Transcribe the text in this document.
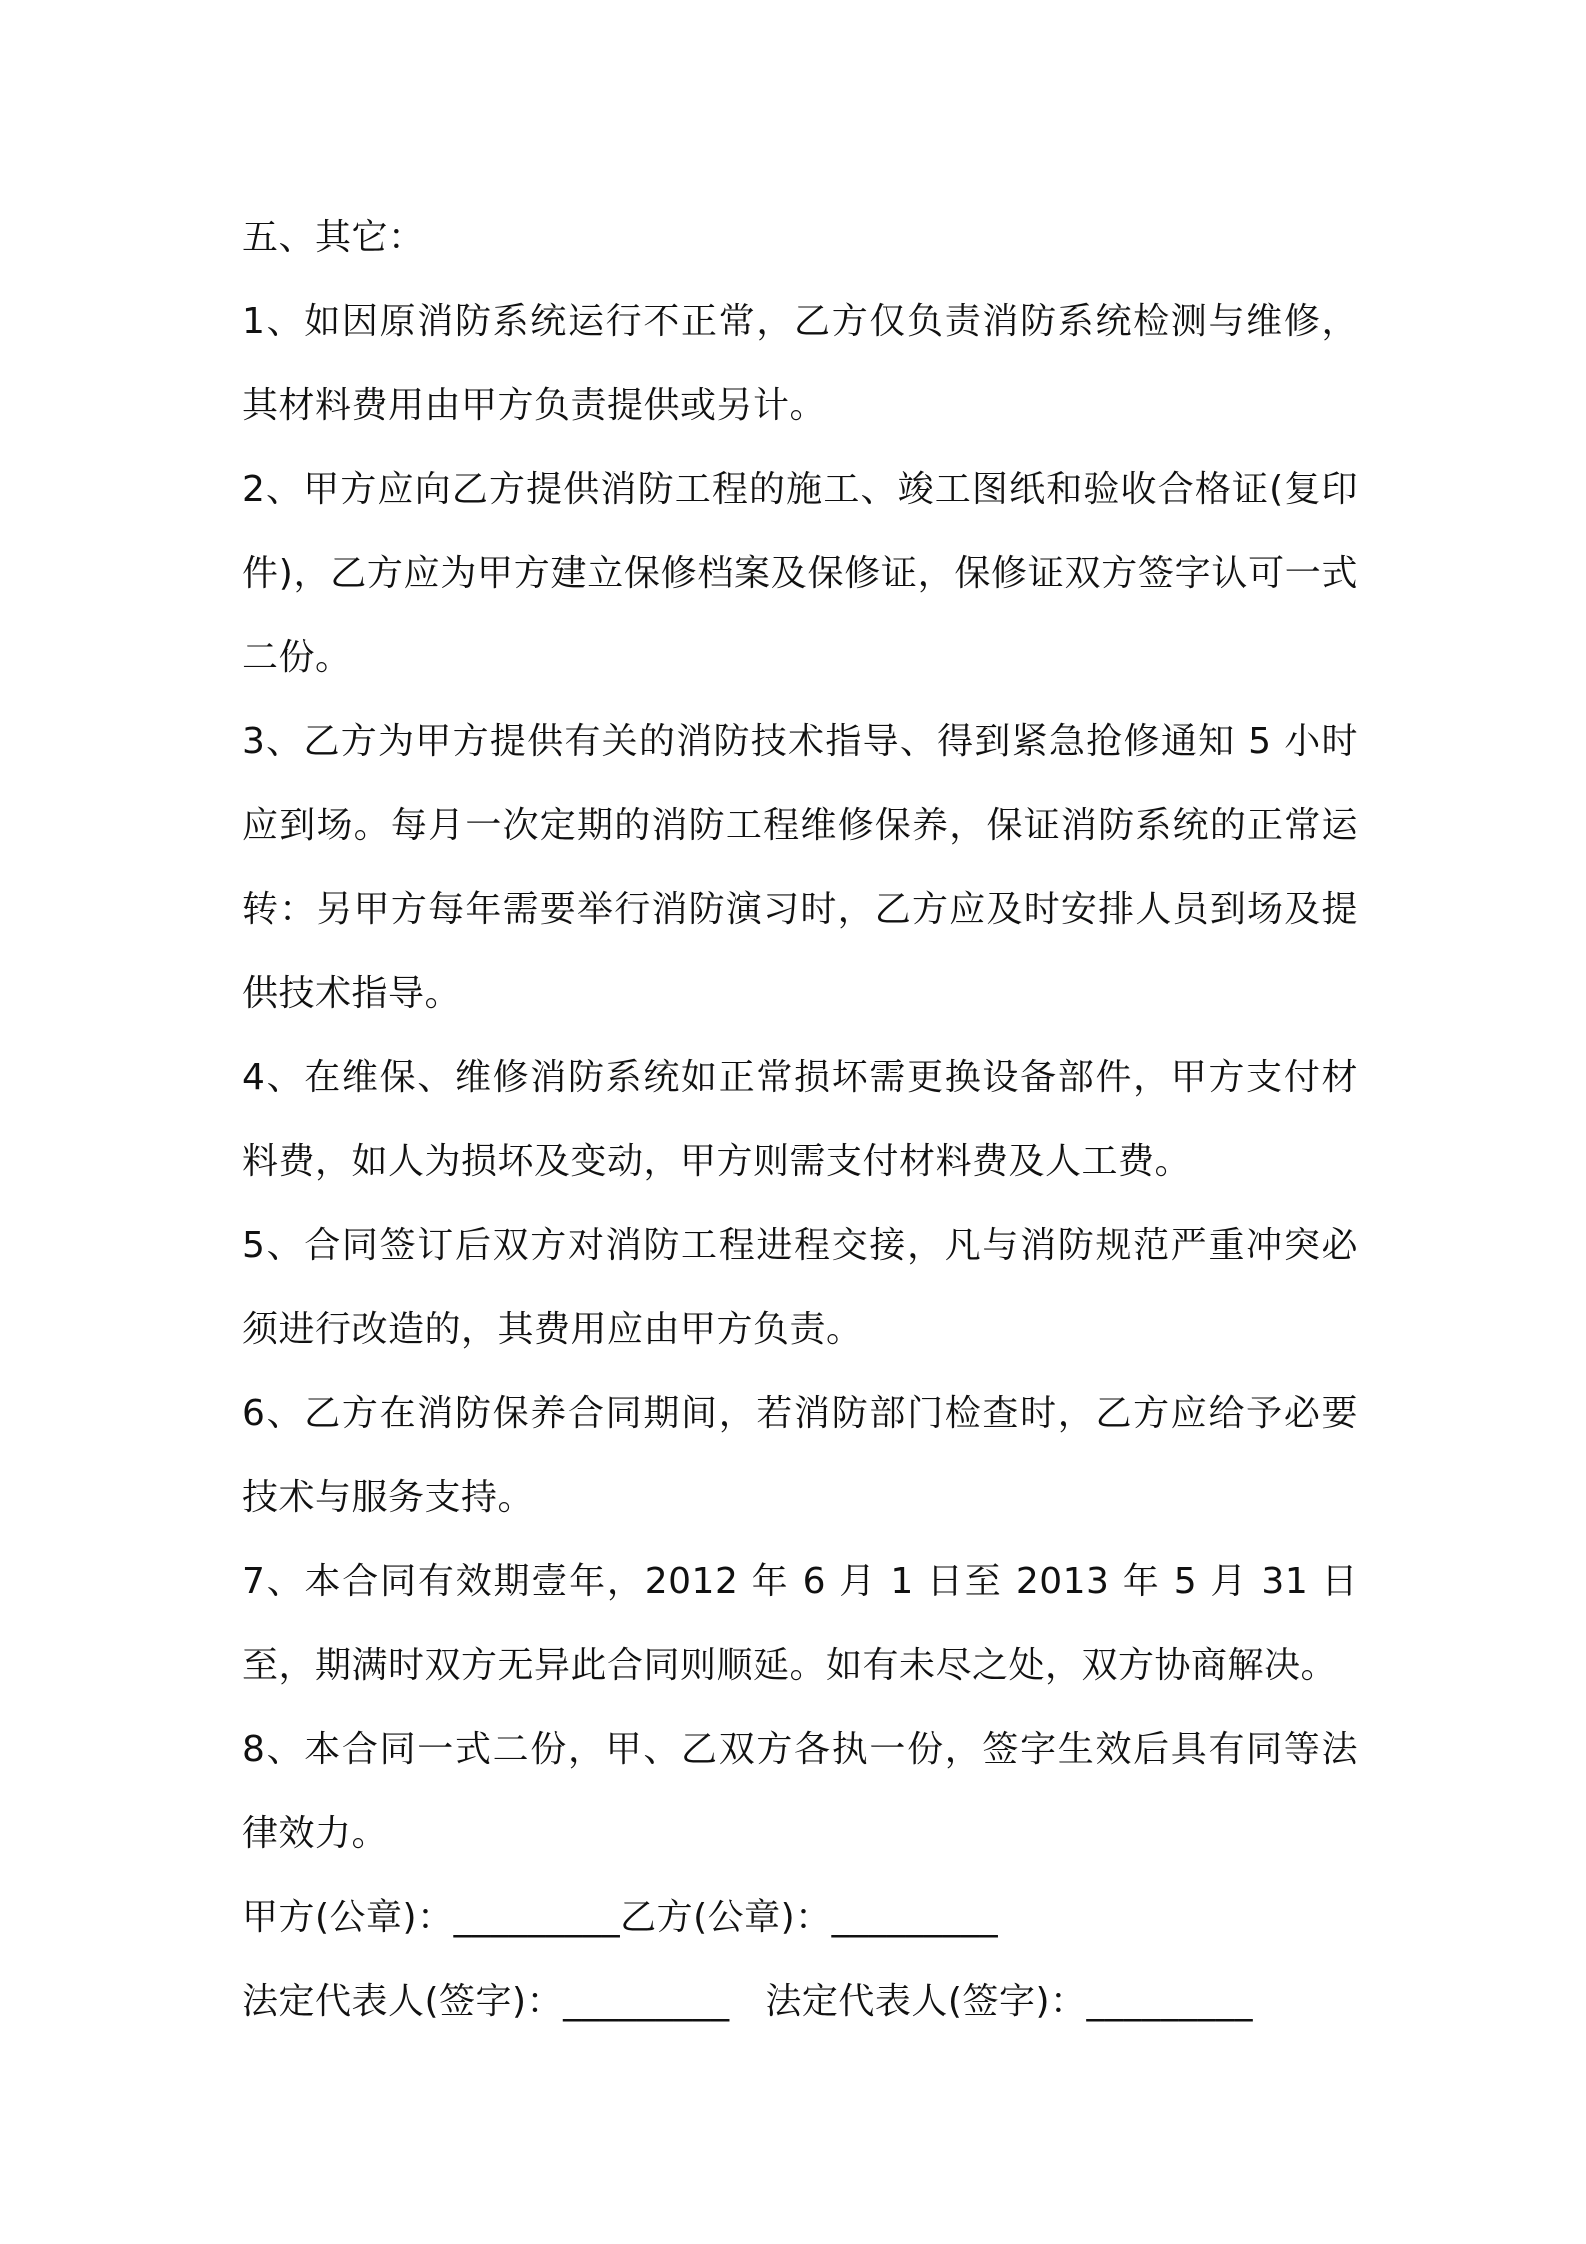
五、其它：

1、如因原消防系统运行不正常，乙方仅负责消防系统检测与维修，其材料费用由甲方负责提供或另计。

2、甲方应向乙方提供消防工程的施工、竣工图纸和验收合格证(复印件)，乙方应为甲方建立保修档案及保修证，保修证双方签字认可一式二份。

3、乙方为甲方提供有关的消防技术指导、得到紧急抢修通知 5 小时应到场。每月一次定期的消防工程维修保养，保证消防系统的正常运转：另甲方每年需要举行消防演习时，乙方应及时安排人员到场及提供技术指导。

4、在维保、维修消防系统如正常损坏需更换设备部件，甲方支付材料费，如人为损坏及变动，甲方则需支付材料费及人工费。

5、合同签订后双方对消防工程进程交接，凡与消防规范严重冲突必须进行改造的，其费用应由甲方负责。

6、乙方在消防保养合同期间，若消防部门检查时，乙方应给予必要技术与服务支持。

7、本合同有效期壹年，2012 年 6 月 1 日至 2013 年 5 月 31 日至，期满时双方无异此合同则顺延。如有未尽之处，双方协商解决。

8、本合同一式二份，甲、乙双方各执一份，签字生效后具有同等法律效力。

甲方(公章)：_________乙方(公章)：_________

法定代表人(签字)：_________   法定代表人(签字)：_________
